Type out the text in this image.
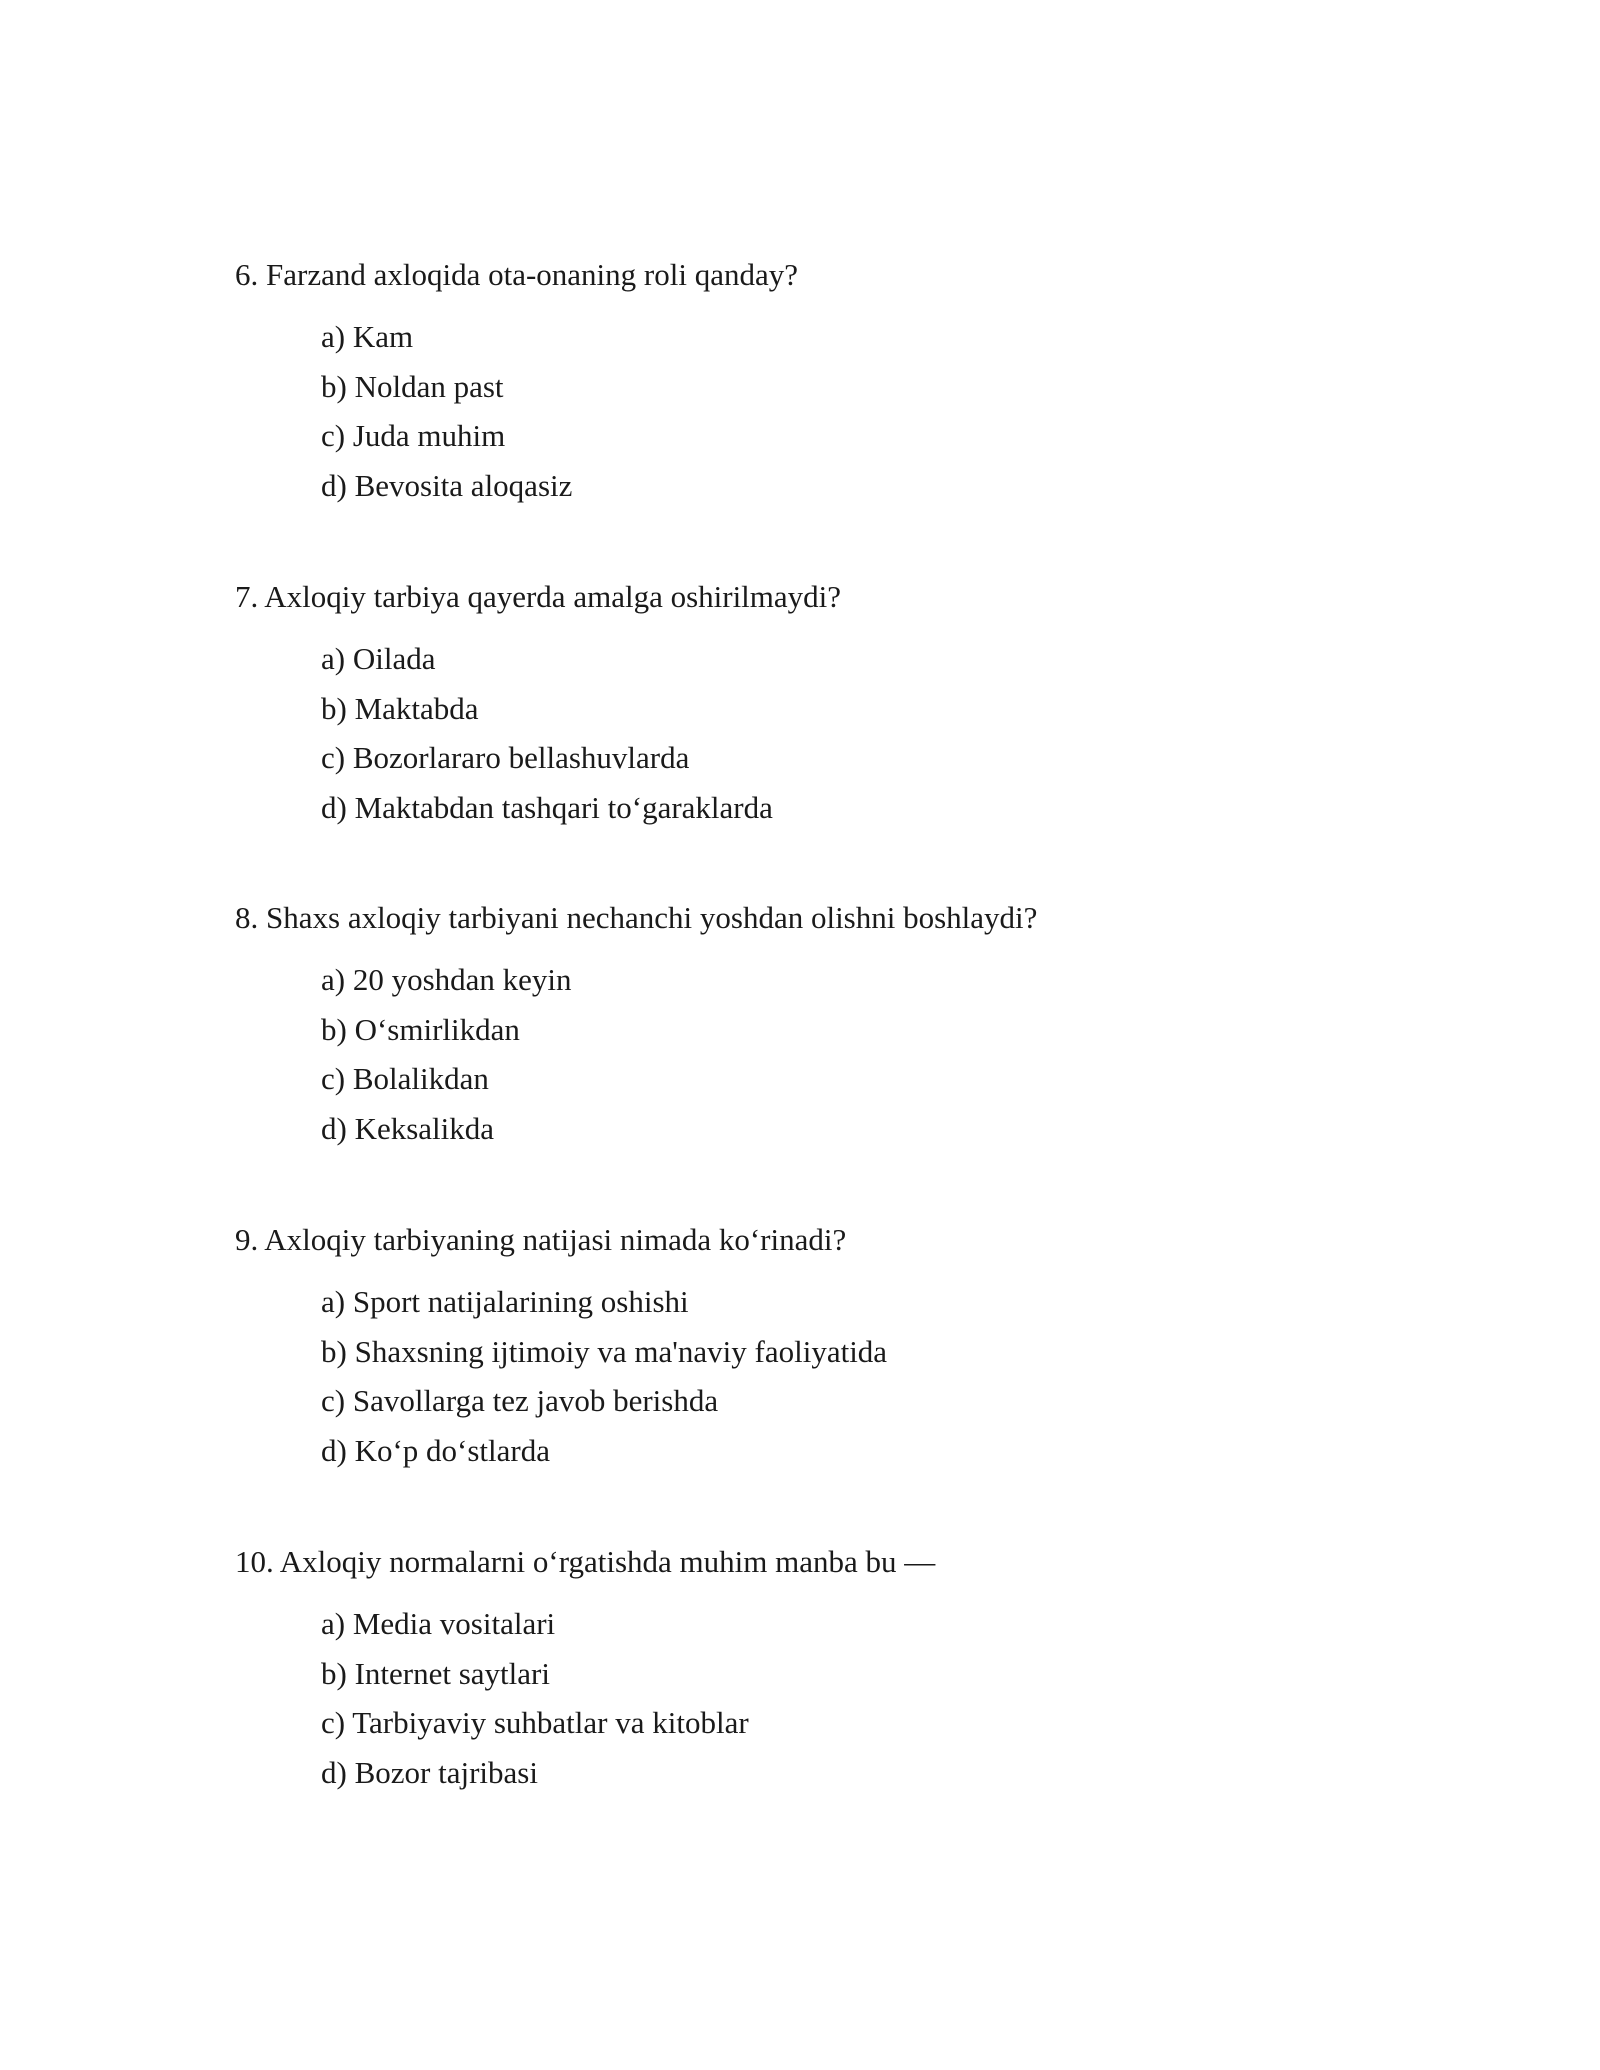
6. Farzand axloqida ota-onaning roli qanday?

a) Kam
b) Noldan past
c) Juda muhim
d) Bevosita aloqasiz

7. Axloqiy tarbiya qayerda amalga oshirilmaydi?

a) Oilada
b) Maktabda
c) Bozorlararo bellashuvlarda
d) Maktabdan tashqari to‘garaklarda

8. Shaxs axloqiy tarbiyani nechanchi yoshdan olishni boshlaydi?

a) 20 yoshdan keyin
b) O‘smirlikdan
c) Bolalikdan
d) Keksalikda

9. Axloqiy tarbiyaning natijasi nimada ko‘rinadi?

a) Sport natijalarining oshishi
b) Shaxsning ijtimoiy va ma'naviy faoliyatida
c) Savollarga tez javob berishda
d) Ko‘p do‘stlarda

10. Axloqiy normalarni o‘rgatishda muhim manba bu —

a) Media vositalari
b) Internet saytlari
c) Tarbiyaviy suhbatlar va kitoblar
d) Bozor tajribasi
